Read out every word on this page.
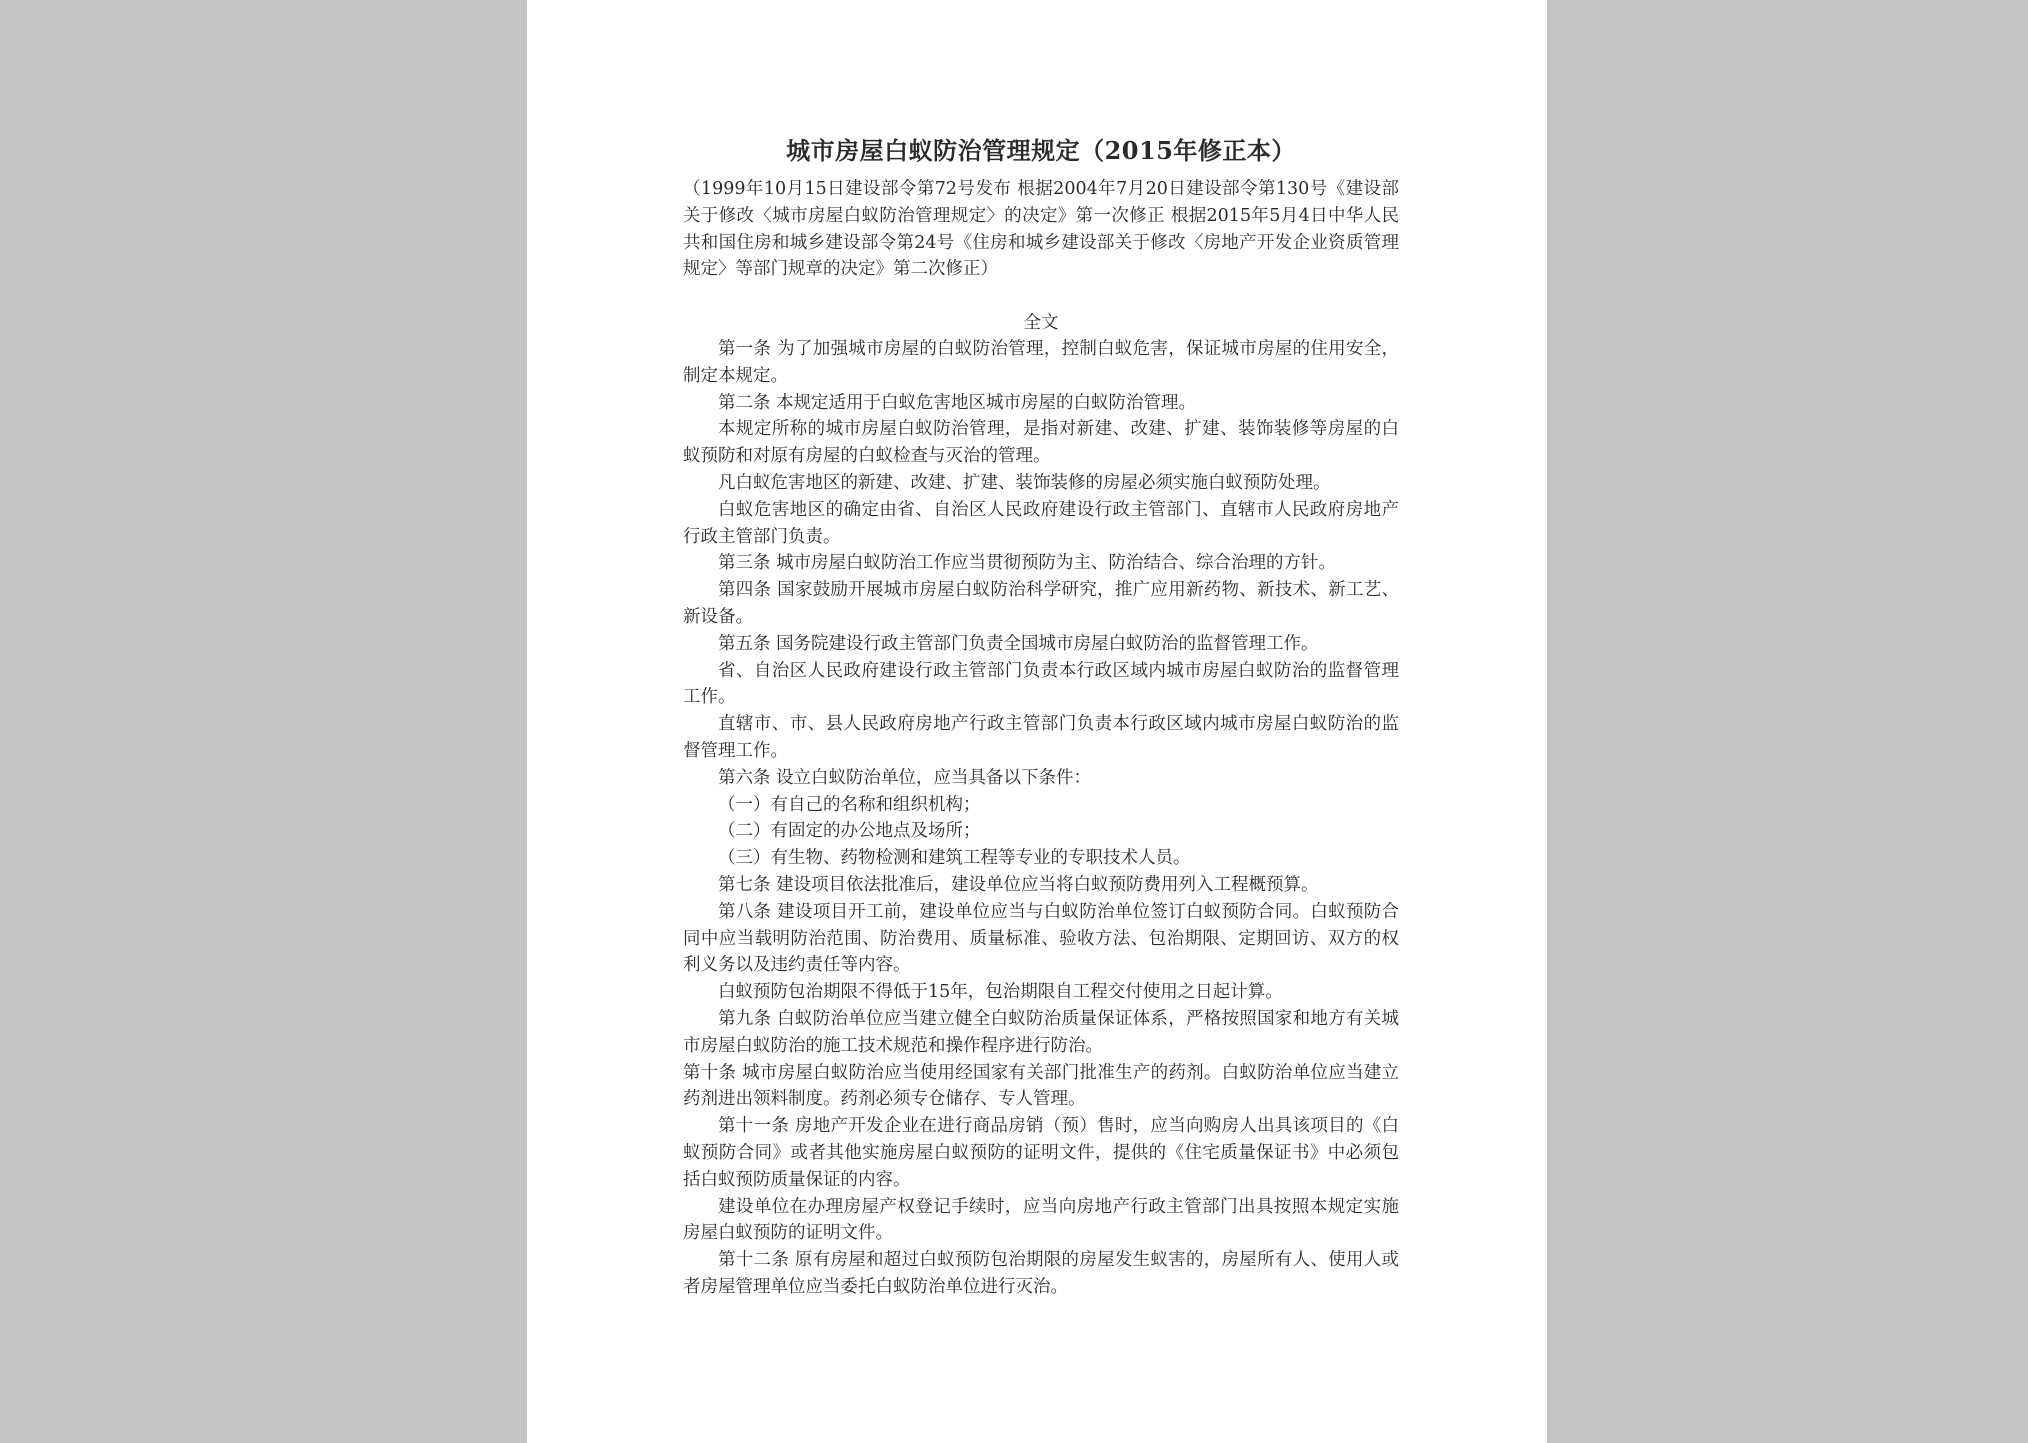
城市房屋白蚁防治管理规定（2015年修正本）
（1999年10月15日建设部令第72号发布 根据2004年7月20日建设部令第130号《建设部关于修改〈城市房屋白蚁防治管理规定〉的决定》第一次修正 根据2015年5月4日中华人民共和国住房和城乡建设部令第24号《住房和城乡建设部关于修改〈房地产开发企业资质管理规定〉等部门规章的决定》第二次修正）
全文

第一条 为了加强城市房屋的白蚁防治管理，控制白蚁危害，保证城市房屋的住用安全，制定本规定。

第二条 本规定适用于白蚁危害地区城市房屋的白蚁防治管理。

本规定所称的城市房屋白蚁防治管理，是指对新建、改建、扩建、装饰装修等房屋的白蚁预防和对原有房屋的白蚁检查与灭治的管理。

凡白蚁危害地区的新建、改建、扩建、装饰装修的房屋必须实施白蚁预防处理。

白蚁危害地区的确定由省、自治区人民政府建设行政主管部门、直辖市人民政府房地产行政主管部门负责。

第三条 城市房屋白蚁防治工作应当贯彻预防为主、防治结合、综合治理的方针。

第四条 国家鼓励开展城市房屋白蚁防治科学研究，推广应用新药物、新技术、新工艺、新设备。

第五条 国务院建设行政主管部门负责全国城市房屋白蚁防治的监督管理工作。

省、自治区人民政府建设行政主管部门负责本行政区域内城市房屋白蚁防治的监督管理工作。

直辖市、市、县人民政府房地产行政主管部门负责本行政区域内城市房屋白蚁防治的监督管理工作。

第六条 设立白蚁防治单位，应当具备以下条件：

（一）有自己的名称和组织机构；

（二）有固定的办公地点及场所；

（三）有生物、药物检测和建筑工程等专业的专职技术人员。

第七条 建设项目依法批准后，建设单位应当将白蚁预防费用列入工程概预算。

第八条 建设项目开工前，建设单位应当与白蚁防治单位签订白蚁预防合同。白蚁预防合同中应当载明防治范围、防治费用、质量标准、验收方法、包治期限、定期回访、双方的权利义务以及违约责任等内容。

白蚁预防包治期限不得低于15年，包治期限自工程交付使用之日起计算。

第九条 白蚁防治单位应当建立健全白蚁防治质量保证体系，严格按照国家和地方有关城市房屋白蚁防治的施工技术规范和操作程序进行防治。

第十条 城市房屋白蚁防治应当使用经国家有关部门批准生产的药剂。白蚁防治单位应当建立药剂进出领料制度。药剂必须专仓储存、专人管理。

第十一条 房地产开发企业在进行商品房销（预）售时，应当向购房人出具该项目的《白蚁预防合同》或者其他实施房屋白蚁预防的证明文件，提供的《住宅质量保证书》中必须包括白蚁预防质量保证的内容。

建设单位在办理房屋产权登记手续时，应当向房地产行政主管部门出具按照本规定实施房屋白蚁预防的证明文件。

第十二条 原有房屋和超过白蚁预防包治期限的房屋发生蚁害的，房屋所有人、使用人或者房屋管理单位应当委托白蚁防治单位进行灭治。
